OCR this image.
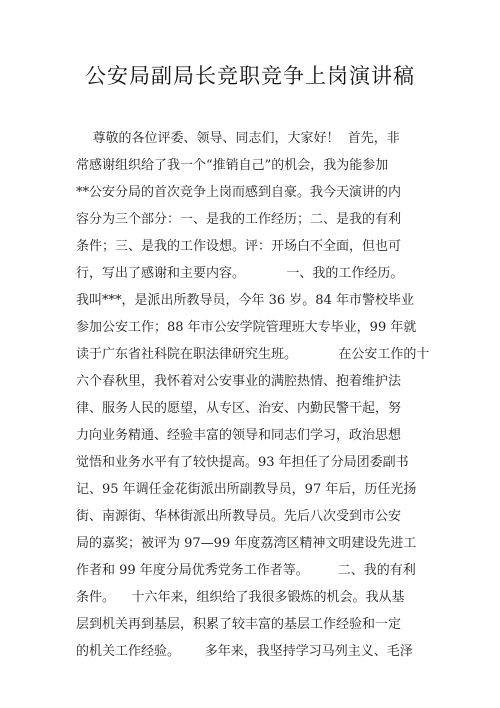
公安局副局长竞职竞争上岗演讲稿
尊敬的各位评委、领导、同志们，大家好！  首先，非
常感谢组织给了我一个“推销自己”的机会，我为能参加
**公安分局的首次竞争上岗而感到自豪。我今天演讲的内
容分为三个部分：一、是我的工作经历；二、是我的有利
条件；三、是我的工作设想。评：开场白不全面，但也可
行，写出了感谢和主要内容。          一、我的工作经历。
我叫***，是派出所教导员，今年 36 岁。84 年市警校毕业
参加公安工作；88 年市公安学院管理班大专毕业，99 年就
读于广东省社科院在职法律研究生班。          在公安工作的十
六个春秋里，我怀着对公安事业的满腔热情、抱着维护法
律、服务人民的愿望，从专区、治安、内勤民警干起，努
力向业务精通、经验丰富的领导和同志们学习，政治思想
觉悟和业务水平有了较快提高。93 年担任了分局团委副书
记、95 年调任金花街派出所副教导员，97 年后，历任光扬
街、南源街、华林街派出所教导员。先后八次受到市公安
局的嘉奖；被评为 97—99 年度荔湾区精神文明建设先进工
作者和 99 年度分局优秀党务工作者等。       二、我的有利
条件。    十六年来，组织给了我很多锻炼的机会。我从基
层到机关再到基层，积累了较丰富的基层工作经验和一定
的机关工作经验。      多年来，我坚持学习马列主义、毛泽
